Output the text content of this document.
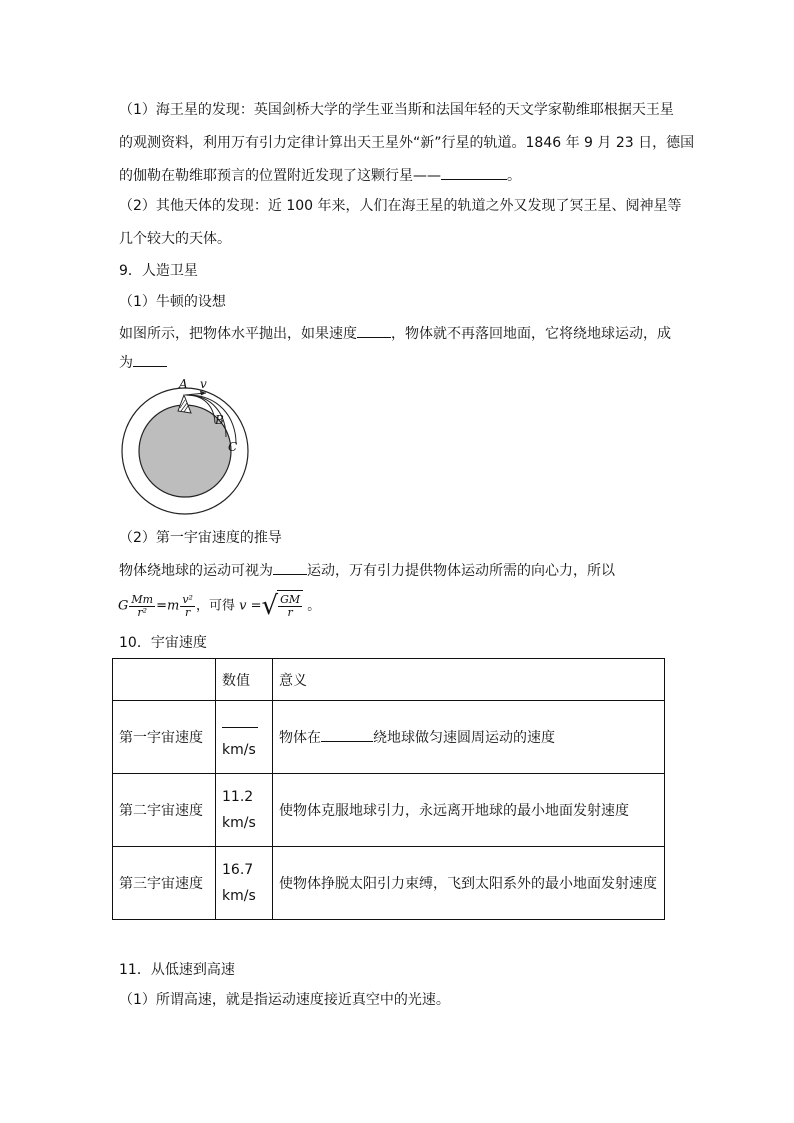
（1）海王星的发现：英国剑桥大学的学生亚当斯和法国年轻的天文学家勒维耶根据天王星
的观测资料，利用万有引力定律计算出天王星外“新”行星的轨道。1846 年 9 月 23 日，德国
的伽勒在勒维耶预言的位置附近发现了这颗行星——	。
（2）其他天体的发现：近 100 年来，人们在海王星的轨道之外又发现了冥王星、阋神星等
几个较大的天体。
9．人造卫星
（1）牛顿的设想
如图所示，把物体水平抛出，如果速度 ，物体就不再落回地面，它将绕地球运动，成
为
A v
B
C
（2）第一宇宙速度的推导
物体绕地球的运动可视为 运动，万有引力提供物体运动所需的向心力，所以
G $\frac{Mm}{\text{r²}} =m \frac{\text{v²}}{r}$ ，可得 v = √ $\frac{GM}{r}$ 。
10．宇宙速度
	数值	意义
第一宇宙速度	km/s	物体在 绕地球做匀速圆周运动的速度
第二宇宙速度	11.2
km/s	使物体克服地球引力，永远离开地球的最小地面发射速度
第三宇宙速度	16.7
km/s	使物体挣脱太阳引力束缚，飞到太阳系外的最小地面发射速度
11．从低速到高速
（1）所谓高速，就是指运动速度接近真空中的光速。
